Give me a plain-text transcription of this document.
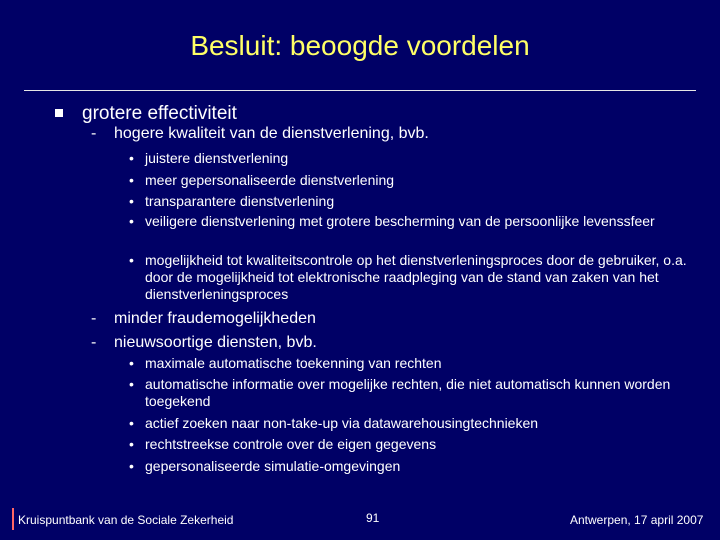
Besluit: beoogde voordelen
grotere effectiviteit
- hogere kwaliteit van de dienstverlening, bvb.
• juistere dienstverlening
• meer gepersonaliseerde dienstverlening
• transparantere dienstverlening
• veiligere dienstverlening met grotere bescherming van de persoonlijke levenssfeer
• mogelijkheid tot kwaliteitscontrole op het dienstverleningsproces door de gebruiker, o.a. door de mogelijkheid tot elektronische raadpleging van de stand van zaken van het dienstverleningsproces
- minder fraudemogelijkheden
- nieuwsoortige diensten, bvb.
• maximale automatische toekenning van rechten
• automatische informatie over mogelijke rechten, die niet automatisch kunnen worden toegekend
• actief zoeken naar non-take-up via datawarehousingtechnieken
• rechtstreekse controle over de eigen gegevens
• gepersonaliseerde simulatie-omgevingen
Kruispuntbank van de Sociale Zekerheid	91	Antwerpen, 17 april 2007
